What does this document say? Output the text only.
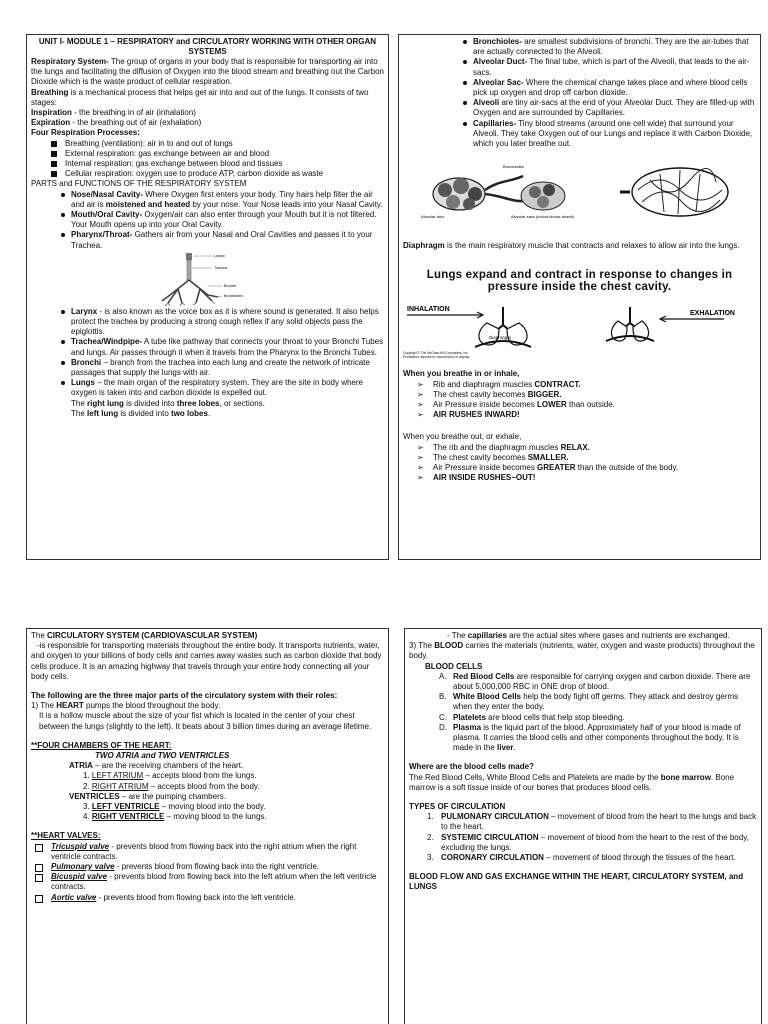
UNIT I- MODULE 1 – RESPIRATORY and CIRCULATORY WORKING WITH OTHER ORGAN SYSTEMS

Respiratory System- The group of organs in your body that is responsible for transporting air into the lungs and facilitating the diffusion of Oxygen into the blood stream and breathing out the Carbon Dioxide which is the waste product of cellular respiration.

Breathing is a mechanical process that helps get air into and out of the lungs. It consists of two stages:

Inspiration - the breathing in of air (inhalation)

Expiration - the breathing out of air (exhalation)

Four Respiration Processes:

Breathing (ventilation): air in to and out of lungs
External respiration: gas exchange between air and blood
Internal respiration: gas exchange between blood and tissues
Cellular respiration: oxygen use to produce ATP, carbon dioxide as waste

PARTS and FUNCTIONS OF THE RESPIRATORY SYSTEM

Nose/Nasal Cavity- Where Oxygen first enters your body. Tiny hairs help filter the air and air is moistened and heated by your nose. Your Nose leads into your Nasal Cavity.
Mouth/Oral Cavity- Oxygen/air can also enter through your Mouth but it is not filtered. Your Mouth opens up into your Oral Cavity.
Pharynx/Throat- Gathers air from your Nasal and Oral Cavities and passes it to your Trachea.
Larynx
Trachea
Bronchi
Bronchioles
Larynx - is also known as the voice box as it is where sound is generated. It also helps protect the trachea by producing a strong cough reflex if any solid objects pass the epiglottis.
Trachea/Windpipe- A tube like pathway that connects your throat to your Bronchi Tubes and lungs. Air passes through it when it travels from the Pharynx to the Bronchi Tubes.
Bronchi – branch from the trachea into each lung and create the network of intricate passages that supply the lungs with air.
Lungs – the main organ of the respiratory system. They are the site in body where oxygen is taken into and carbon dioxide is expelled out.
The right lung is divided into three lobes, or sections.
The left lung is divided into two lobes.
Bronchioles- are smallest subdivisions of bronchi. They are the air-tubes that are actually connected to the Alveoli.
Alveolar Duct- The final tube, which is part of the Alveoli, that leads to the air-sacs.
Alveolar Sac- Where the chemical change takes place and where blood cells pick up oxygen and drop off carbon dioxide.
Alveoli are tiny air-sacs at the end of your Alveolar Duct. They are filled-up with Oxygen and are surrounded by Capillaries.
Capillaries- Tiny blood streams (around one cell wide) that surround your Alveoli. They take Oxygen out of our Lungs and replace it with Carbon Dioxide, which you later breathe out.
Bronchioles
Alveolar duct	Alveolar sacs (cutout shows alveoli)

Diaphragm is the main respiratory muscle that contracts and relaxes to allow air into the lungs.

Lungs expand and contract in response to changes in pressure inside the chest cavity.
INHALATION
Diaphragm
EXHALATION
Copyright © The McGraw-Hill Companies, Inc. Permission required for reproduction or display.

When you breathe in or inhale,

➢ Rib and diaphragm muscles CONTRACT.
➢ The chest cavity becomes BIGGER.
➢ Air Pressure inside becomes LOWER than outside.
➢ AIR RUSHES INWARD!

When you breathe out, or exhale,

➢ The rib and the diaphragm muscles RELAX.
➢ The chest cavity becomes SMALLER.
➢ Air Pressure inside becomes GREATER than the outside of the body.
➢ AIR INSIDE RUSHES~OUT!

The CIRCULATORY SYSTEM (CARDIOVASCULAR SYSTEM)

-is responsible for transporting materials throughout the entire body. It transports nutrients, water, and oxygen to your billions of body cells and carries away wastes such as carbon dioxide that body cells produce. It is an amazing highway that travels through your entire body connecting all your body cells.

The following are the three major parts of the circulatory system with their roles:

1) The HEART pumps the blood throughout the body.

It is a hollow muscle about the size of your fist which is located in the center of your chest between the lungs (slightly to the left). It beats about 3 billion times during an average lifetime.

**FOUR CHAMBERS OF THE HEART:

TWO ATRIA and TWO VENTRICLES

ATRIA – are the receiving chambers of the heart.

1. LEFT ATRIUM – accepts blood from the lungs.
2. RIGHT ATRIUM – accepts blood from the body.

VENTRICLES – are the pumping chambers.

3. LEFT VENTRICLE – moving blood into the body.
4. RIGHT VENTRICLE – moving blood to the lungs.

**HEART VALVES:

Tricuspid valve - prevents blood from flowing back into the right atrium when the right ventricle contracts.
Pulmonary valve - prevents blood from flowing back into the right ventricle.
Bicuspid valve - prevents blood from flowing back into the left atrium when the left ventricle contracts.
Aortic valve - prevents blood from flowing back into the left ventricle.

- The capillaries are the actual sites where gases and nutrients are exchanged.

3) The BLOOD carries the materials (nutrients, water, oxygen and waste products) throughout the body.

BLOOD CELLS

A. Red Blood Cells are responsible for carrying oxygen and carbon dioxide. There are about 5,000,000 RBC in ONE drop of blood.
B. White Blood Cells help the body fight off germs. They attack and destroy germs when they enter the body.
C. Platelets are blood cells that help stop bleeding.
D. Plasma is the liquid part of the blood. Approximately half of your blood is made of plasma. It carries the blood cells and other components throughout the body. It is made in the liver.

Where are the blood cells made?

The Red Blood Cells, White Blood Cells and Platelets are made by the bone marrow. Bone marrow is a soft tissue inside of our bones that produces blood cells.

TYPES OF CIRCULATION

1. PULMONARY CIRCULATION – movement of blood from the heart to the lungs and back to the heart.
2. SYSTEMIC CIRCULATION – movement of blood from the heart to the rest of the body, excluding the lungs.
3. CORONARY CIRCULATION – movement of blood through the tissues of the heart.

BLOOD FLOW AND GAS EXCHANGE WITHIN THE HEART, CIRCULATORY SYSTEM, and LUNGS
